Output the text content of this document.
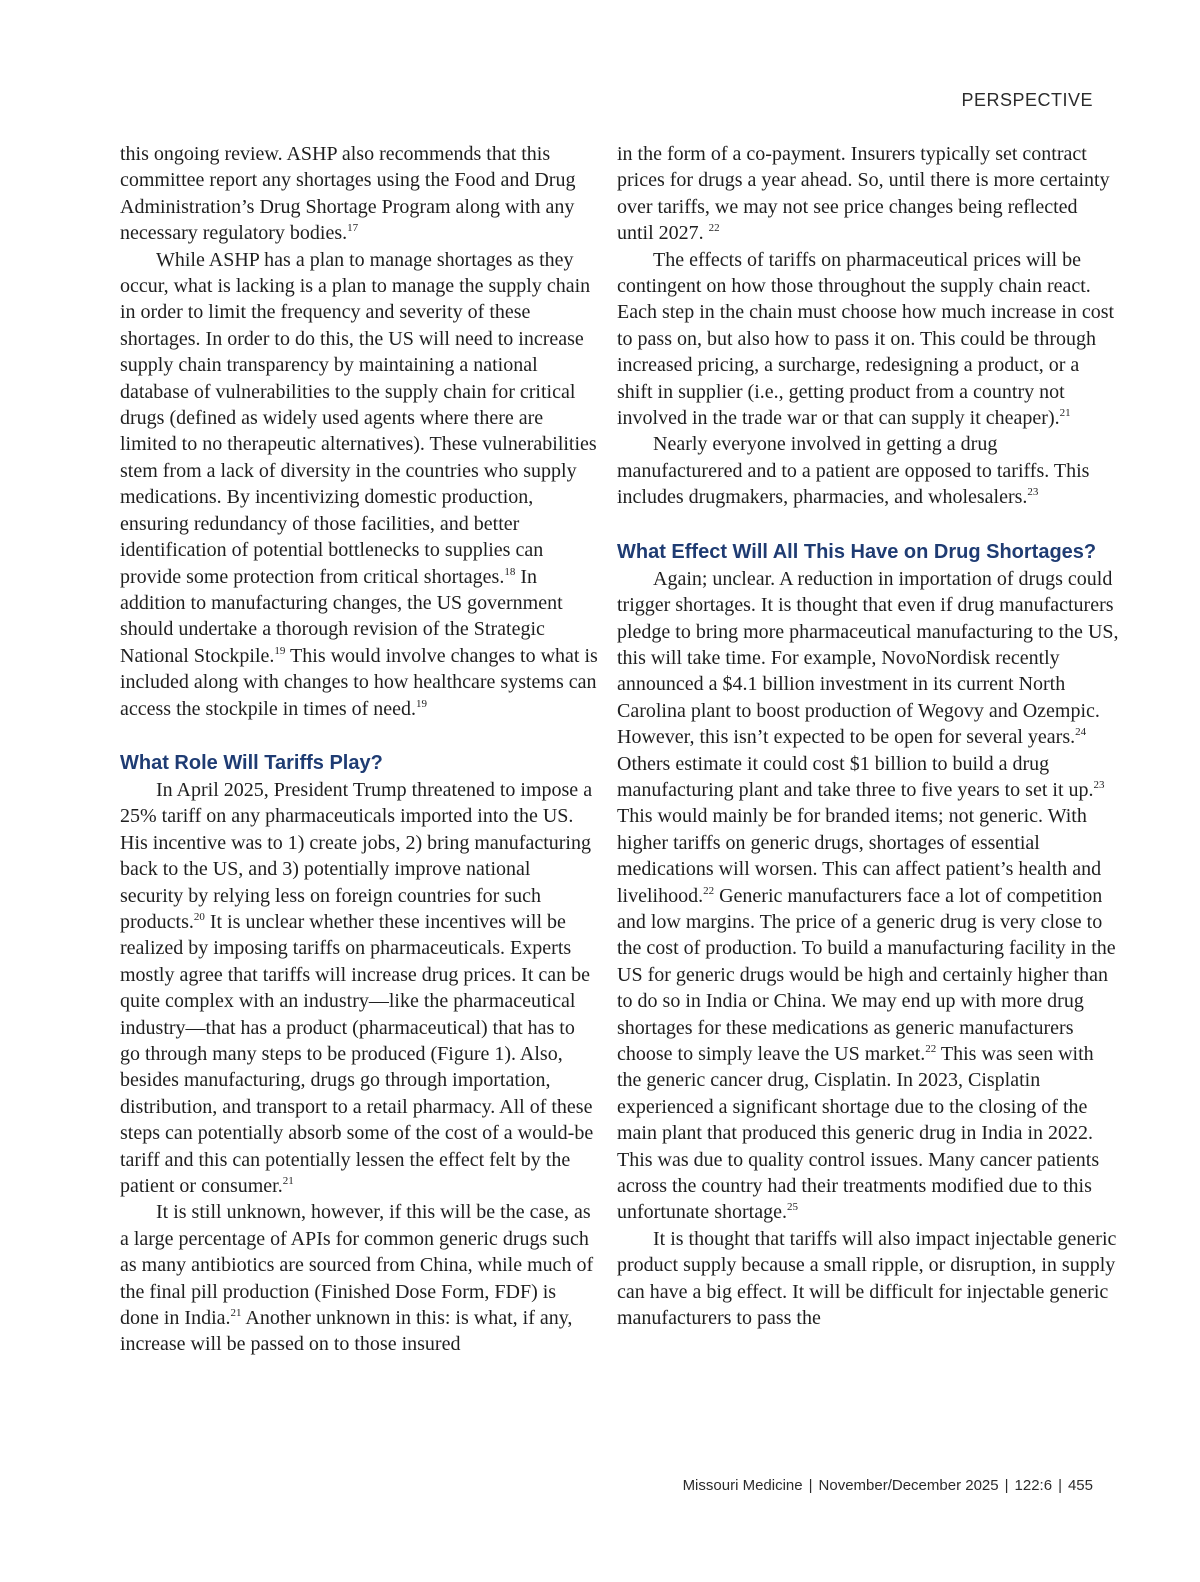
PERSPECTIVE

this ongoing review. ASHP also recommends that this committee report any shortages using the Food and Drug Administration’s Drug Shortage Program along with any necessary regulatory bodies.$^{17}$

While ASHP has a plan to manage shortages as they occur, what is lacking is a plan to manage the supply chain in order to limit the frequency and severity of these shortages. In order to do this, the US will need to increase supply chain transparency by maintaining a national database of vulnerabilities to the supply chain for critical drugs (defined as widely used agents where there are limited to no therapeutic alternatives). These vulnerabilities stem from a lack of diversity in the countries who supply medications. By incentivizing domestic production, ensuring redundancy of those facilities, and better identification of potential bottlenecks to supplies can provide some protection from critical shortages.$^{18}$ In addition to manufacturing changes, the US government should undertake a thorough revision of the Strategic National Stockpile.$^{19}$ This would involve changes to what is included along with changes to how healthcare systems can access the stockpile in times of need.$^{19}$

What Role Will Tariffs Play?

In April 2025, President Trump threatened to impose a 25% tariff on any pharmaceuticals imported into the US. His incentive was to 1) create jobs, 2) bring manufacturing back to the US, and 3) potentially improve national security by relying less on foreign countries for such products.$^{20}$ It is unclear whether these incentives will be realized by imposing tariffs on pharmaceuticals. Experts mostly agree that tariffs will increase drug prices. It can be quite complex with an industry—like the pharmaceutical industry—that has a product (pharmaceutical) that has to go through many steps to be produced (Figure 1). Also, besides manufacturing, drugs go through importation, distribution, and transport to a retail pharmacy. All of these steps can potentially absorb some of the cost of a would-be tariff and this can potentially lessen the effect felt by the patient or consumer.$^{21}$

It is still unknown, however, if this will be the case, as a large percentage of APIs for common generic drugs such as many antibiotics are sourced from China, while much of the final pill production (Finished Dose Form, FDF) is done in India.$^{21}$ Another unknown in this: is what, if any, increase will be passed on to those insured

in the form of a co-payment. Insurers typically set contract prices for drugs a year ahead. So, until there is more certainty over tariffs, we may not see price changes being reflected until 2027. $^{22}$

The effects of tariffs on pharmaceutical prices will be contingent on how those throughout the supply chain react. Each step in the chain must choose how much increase in cost to pass on, but also how to pass it on. This could be through increased pricing, a surcharge, redesigning a product, or a shift in supplier (i.e., getting product from a country not involved in the trade war or that can supply it cheaper).$^{21}$

Nearly everyone involved in getting a drug manufacturered and to a patient are opposed to tariffs. This includes drugmakers, pharmacies, and wholesalers.$^{23}$

What Effect Will All This Have on Drug Shortages?

Again; unclear. A reduction in importation of drugs could trigger shortages. It is thought that even if drug manufacturers pledge to bring more pharmaceutical manufacturing to the US, this will take time. For example, NovoNordisk recently announced a $4.1 billion investment in its current North Carolina plant to boost production of Wegovy and Ozempic. However, this isn’t expected to be open for several years.$^{24}$ Others estimate it could cost $1 billion to build a drug manufacturing plant and take three to five years to set it up.$^{23}$ This would mainly be for branded items; not generic. With higher tariffs on generic drugs, shortages of essential medications will worsen. This can affect patient’s health and livelihood.$^{22}$ Generic manufacturers face a lot of competition and low margins. The price of a generic drug is very close to the cost of production. To build a manufacturing facility in the US for generic drugs would be high and certainly higher than to do so in India or China. We may end up with more drug shortages for these medications as generic manufacturers choose to simply leave the US market.$^{22}$ This was seen with the generic cancer drug, Cisplatin. In 2023, Cisplatin experienced a significant shortage due to the closing of the main plant that produced this generic drug in India in 2022. This was due to quality control issues. Many cancer patients across the country had their treatments modified due to this unfortunate shortage.$^{25}$

It is thought that tariffs will also impact injectable generic product supply because a small ripple, or disruption, in supply can have a big effect. It will be difficult for injectable generic manufacturers to pass the

Missouri Medicine | November/December 2025 | 122:6 | 455
